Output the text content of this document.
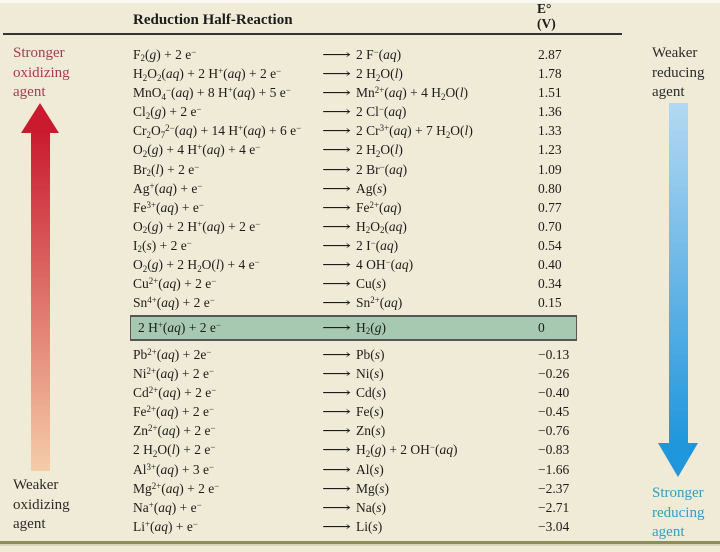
Reduction Half-Reaction
E°
(V)
Stronger
oxidizing
agent
Weaker
oxidizing
agent
Weaker
reducing
agent
Stronger
reducing
agent
$F_2(g) + 2$ e−	⟶ 2 F−(aq)	2.87
$H_2O_2(aq) + 2$ H+(aq) + 2 e−	⟶ 2 $H_2O(l)$	1.78
MnO$_4$−(aq) + 8 H+(aq) + 5 e−	⟶ $Mn^{2+}(aq) + 4$ $H_2O(l)$	1.51
$Cl_2(g) + 2$ e−	⟶ 2 Cl−(aq)	1.36
$Cr_2O_7^{2-}(aq) + 14$ H+(aq) + 6 e−	⟶ 2 $Cr^{3+}(aq) + 7$ $H_2O(l)$	1.33
$O_2(g) + 4$ H+(aq) + 4 e−	⟶ 2 $H_2O(l)$	1.23
$Br_2(l) + 2$ e−	⟶ 2 Br−(aq)	1.09
Ag+(aq) + e−	⟶ Ag(s)	0.80
$Fe^{3+}(aq) + e^-$	⟶ $Fe^{2+}(aq)$	0.77
$O_2(g) + 2$ H+(aq) + 2 e−	⟶ $H_2O_2(aq)$	0.70
$I_2(s) + 2$ e−	⟶ 2 I−(aq)	0.54
$O_2(g) + 2$ $H_2O(l) + 4$ e−	⟶ 4 OH−(aq)	0.40
$Cu^{2+}(aq) + 2$ e−	⟶ Cu(s)	0.34
$Sn^{4+}(aq) + 2$ e−	⟶ $Sn^{2+}(aq)$	0.15
2 H+(aq) + 2 e−	⟶ $H_2(g)$	0
$Pb^{2+}(aq) + 2e^-$	⟶ Pb(s)	−0.13
$Ni^{2+}(aq) + 2$ e−	⟶ Ni(s)	−0.26
$Cd^{2+}(aq) + 2$ e−	⟶ Cd(s)	−0.40
$Fe^{2+}(aq) + 2$ e−	⟶ Fe(s)	−0.45
$Zn^{2+}(aq) + 2$ e−	⟶ Zn(s)	−0.76
2 $H_2O(l) + 2$ e−	⟶ $H_2(g) + 2$ OH−(aq)	−0.83
$Al^{3+}(aq) + 3$ e−	⟶ Al(s)	−1.66
$Mg^{2+}(aq) + 2$ e−	⟶ Mg(s)	−2.37
Na+(aq) + e−	⟶ Na(s)	−2.71
Li+(aq) + e−	⟶ Li(s)	−3.04
